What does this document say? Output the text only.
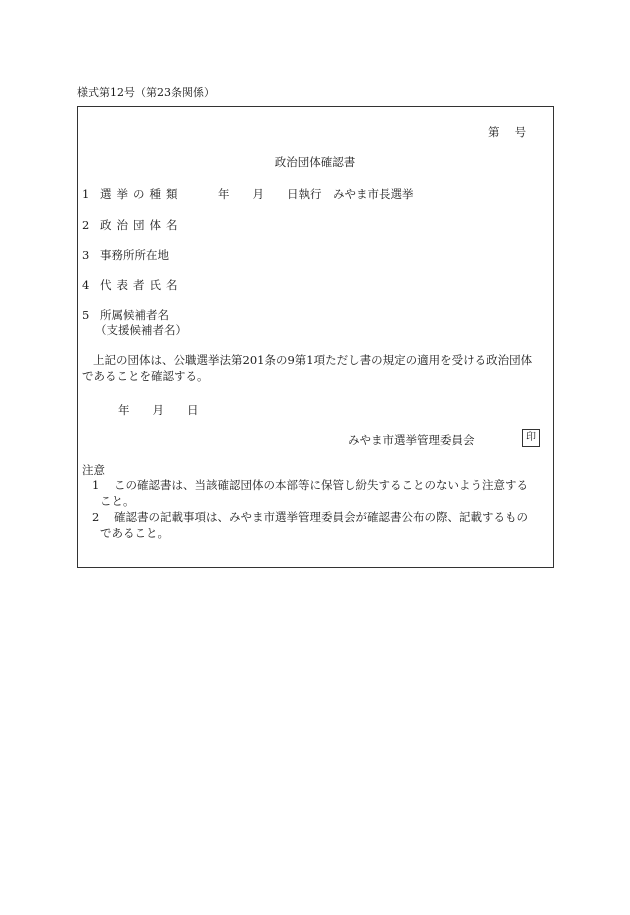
様式第12号（第23条関係）
第　 号
政治団体確認書
1 選挙の種類	年　　月　　日執行　みやま市長選挙
2 政治団体名
3 事務所所在地
4 代表者氏名
5 所属候補者名
（支援候補者名）

上記の団体は、公職選挙法第201条の9第1項ただし書の規定の適用を受ける政治団体

であることを確認する。

年　　月　　日
みやま市選挙管理委員会	印
注意
1 この確認書は、当該確認団体の本部等に保管し紛失することのないよう注意する
こと。
2 確認書の記載事項は、みやま市選挙管理委員会が確認書公布の際、記載するもの
であること。
